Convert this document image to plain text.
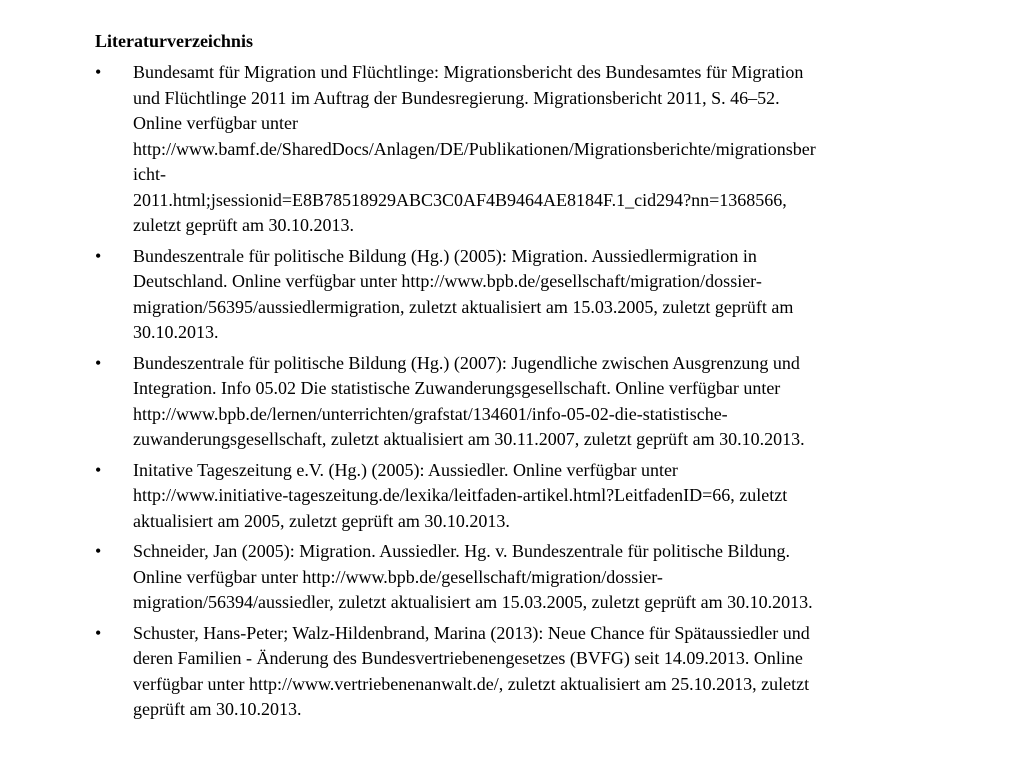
Literaturverzeichnis
•	Bundesamt für Migration und Flüchtlinge: Migrationsbericht des Bundesamtes für Migration
und Flüchtlinge 2011 im Auftrag der Bundesregierung. Migrationsbericht 2011, S. 46–52.
Online verfügbar unter
http://www.bamf.de/SharedDocs/Anlagen/DE/Publikationen/Migrationsberichte/migrationsber
icht-
2011.html;jsessionid=E8B78518929ABC3C0AF4B9464AE8184F.1_cid294?nn=1368566,
zuletzt geprüft am 30.10.2013.
•	Bundeszentrale für politische Bildung (Hg.) (2005): Migration. Aussiedlermigration in
Deutschland. Online verfügbar unter http://www.bpb.de/gesellschaft/migration/dossier-
migration/56395/aussiedlermigration, zuletzt aktualisiert am 15.03.2005, zuletzt geprüft am
30.10.2013.
•	Bundeszentrale für politische Bildung (Hg.) (2007): Jugendliche zwischen Ausgrenzung und
Integration. Info 05.02 Die statistische Zuwanderungsgesellschaft. Online verfügbar unter
http://www.bpb.de/lernen/unterrichten/grafstat/134601/info-05-02-die-statistische-
zuwanderungsgesellschaft, zuletzt aktualisiert am 30.11.2007, zuletzt geprüft am 30.10.2013.
•	Initative Tageszeitung e.V. (Hg.) (2005): Aussiedler. Online verfügbar unter
http://www.initiative-tageszeitung.de/lexika/leitfaden-artikel.html?LeitfadenID=66, zuletzt
aktualisiert am 2005, zuletzt geprüft am 30.10.2013.
•	Schneider, Jan (2005): Migration. Aussiedler. Hg. v. Bundeszentrale für politische Bildung.
Online verfügbar unter http://www.bpb.de/gesellschaft/migration/dossier-
migration/56394/aussiedler, zuletzt aktualisiert am 15.03.2005, zuletzt geprüft am 30.10.2013.
•	Schuster, Hans-Peter; Walz-Hildenbrand, Marina (2013): Neue Chance für Spätaussiedler und
deren Familien - Änderung des Bundesvertriebenengesetzes (BVFG) seit 14.09.2013. Online
verfügbar unter http://www.vertriebenenanwalt.de/, zuletzt aktualisiert am 25.10.2013, zuletzt
geprüft am 30.10.2013.
